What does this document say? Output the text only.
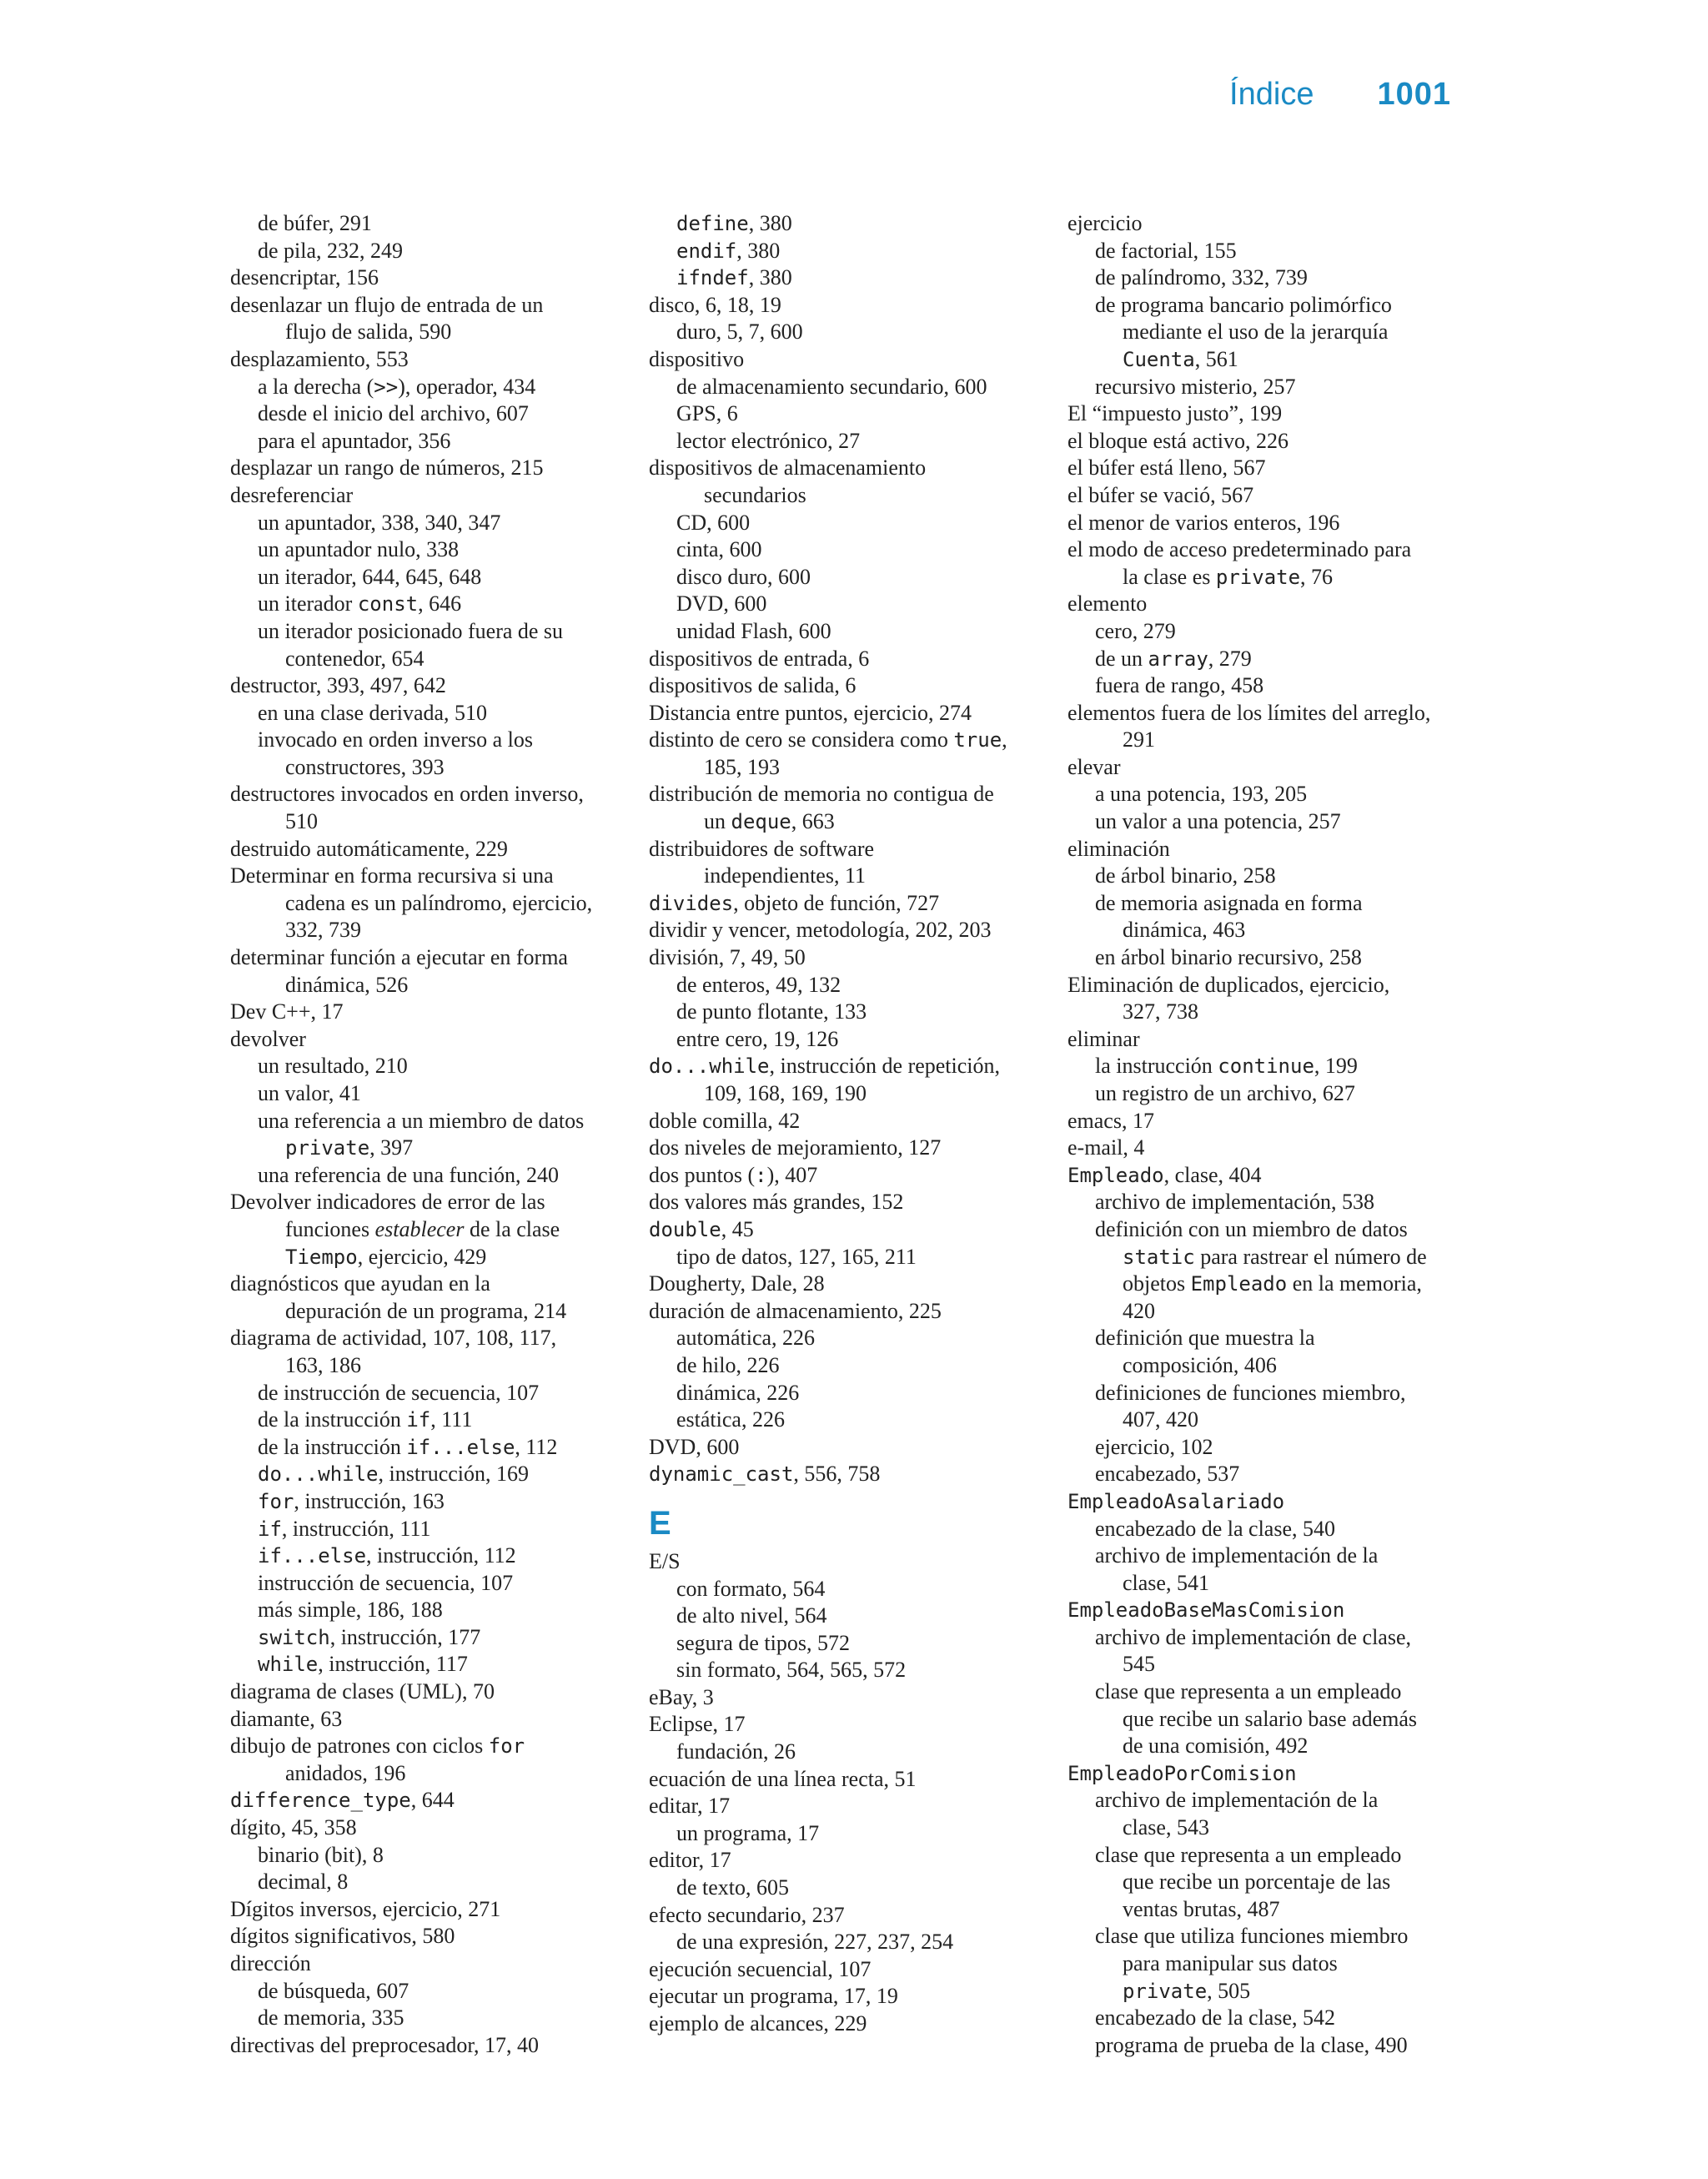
Índice 1001
de búfer, 291
de pila, 232, 249
desencriptar, 156
desenlazar un flujo de entrada de un
flujo de salida, 590
desplazamiento, 553
a la derecha (>>), operador, 434
desde el inicio del archivo, 607
para el apuntador, 356
desplazar un rango de números, 215
desreferenciar
un apuntador, 338, 340, 347
un apuntador nulo, 338
un iterador, 644, 645, 648
un iterador const, 646
un iterador posicionado fuera de su
contenedor, 654
destructor, 393, 497, 642
en una clase derivada, 510
invocado en orden inverso a los
constructores, 393
destructores invocados en orden inverso,
510
destruido automáticamente, 229
Determinar en forma recursiva si una
cadena es un palíndromo, ejercicio,
332, 739
determinar función a ejecutar en forma
dinámica, 526
Dev C++, 17
devolver
un resultado, 210
un valor, 41
una referencia a un miembro de datos
private, 397
una referencia de una función, 240
Devolver indicadores de error de las
funciones establecer de la clase
Tiempo, ejercicio, 429
diagnósticos que ayudan en la
depuración de un programa, 214
diagrama de actividad, 107, 108, 117,
163, 186
de instrucción de secuencia, 107
de la instrucción if, 111
de la instrucción if...else, 112
do...while, instrucción, 169
for, instrucción, 163
if, instrucción, 111
if...else, instrucción, 112
instrucción de secuencia, 107
más simple, 186, 188
switch, instrucción, 177
while, instrucción, 117
diagrama de clases (UML), 70
diamante, 63
dibujo de patrones con ciclos for
anidados, 196
difference_type, 644
dígito, 45, 358
binario (bit), 8
decimal, 8
Dígitos inversos, ejercicio, 271
dígitos significativos, 580
dirección
de búsqueda, 607
de memoria, 335
directivas del preprocesador, 17, 40
define, 380
endif, 380
ifndef, 380
disco, 6, 18, 19
duro, 5, 7, 600
dispositivo
de almacenamiento secundario, 600
GPS, 6
lector electrónico, 27
dispositivos de almacenamiento
secundarios
CD, 600
cinta, 600
disco duro, 600
DVD, 600
unidad Flash, 600
dispositivos de entrada, 6
dispositivos de salida, 6
Distancia entre puntos, ejercicio, 274
distinto de cero se considera como true,
185, 193
distribución de memoria no contigua de
un deque, 663
distribuidores de software
independientes, 11
divides, objeto de función, 727
dividir y vencer, metodología, 202, 203
división, 7, 49, 50
de enteros, 49, 132
de punto flotante, 133
entre cero, 19, 126
do...while, instrucción de repetición,
109, 168, 169, 190
doble comilla, 42
dos niveles de mejoramiento, 127
dos puntos (:), 407
dos valores más grandes, 152
double, 45
tipo de datos, 127, 165, 211
Dougherty, Dale, 28
duración de almacenamiento, 225
automática, 226
de hilo, 226
dinámica, 226
estática, 226
DVD, 600
dynamic_cast, 556, 758
E
E/S
con formato, 564
de alto nivel, 564
segura de tipos, 572
sin formato, 564, 565, 572
eBay, 3
Eclipse, 17
fundación, 26
ecuación de una línea recta, 51
editar, 17
un programa, 17
editor, 17
de texto, 605
efecto secundario, 237
de una expresión, 227, 237, 254
ejecución secuencial, 107
ejecutar un programa, 17, 19
ejemplo de alcances, 229
ejercicio
de factorial, 155
de palíndromo, 332, 739
de programa bancario polimórfico
mediante el uso de la jerarquía
Cuenta, 561
recursivo misterio, 257
El “impuesto justo”, 199
el bloque está activo, 226
el búfer está lleno, 567
el búfer se vació, 567
el menor de varios enteros, 196
el modo de acceso predeterminado para
la clase es private, 76
elemento
cero, 279
de un array, 279
fuera de rango, 458
elementos fuera de los límites del arreglo,
291
elevar
a una potencia, 193, 205
un valor a una potencia, 257
eliminación
de árbol binario, 258
de memoria asignada en forma
dinámica, 463
en árbol binario recursivo, 258
Eliminación de duplicados, ejercicio,
327, 738
eliminar
la instrucción continue, 199
un registro de un archivo, 627
emacs, 17
e-mail, 4
Empleado, clase, 404
archivo de implementación, 538
definición con un miembro de datos
static para rastrear el número de
objetos Empleado en la memoria,
420
definición que muestra la
composición, 406
definiciones de funciones miembro,
407, 420
ejercicio, 102
encabezado, 537
EmpleadoAsalariado
encabezado de la clase, 540
archivo de implementación de la
clase, 541
EmpleadoBaseMasComision
archivo de implementación de clase,
545
clase que representa a un empleado
que recibe un salario base además
de una comisión, 492
EmpleadoPorComision
archivo de implementación de la
clase, 543
clase que representa a un empleado
que recibe un porcentaje de las
ventas brutas, 487
clase que utiliza funciones miembro
para manipular sus datos
private, 505
encabezado de la clase, 542
programa de prueba de la clase, 490
